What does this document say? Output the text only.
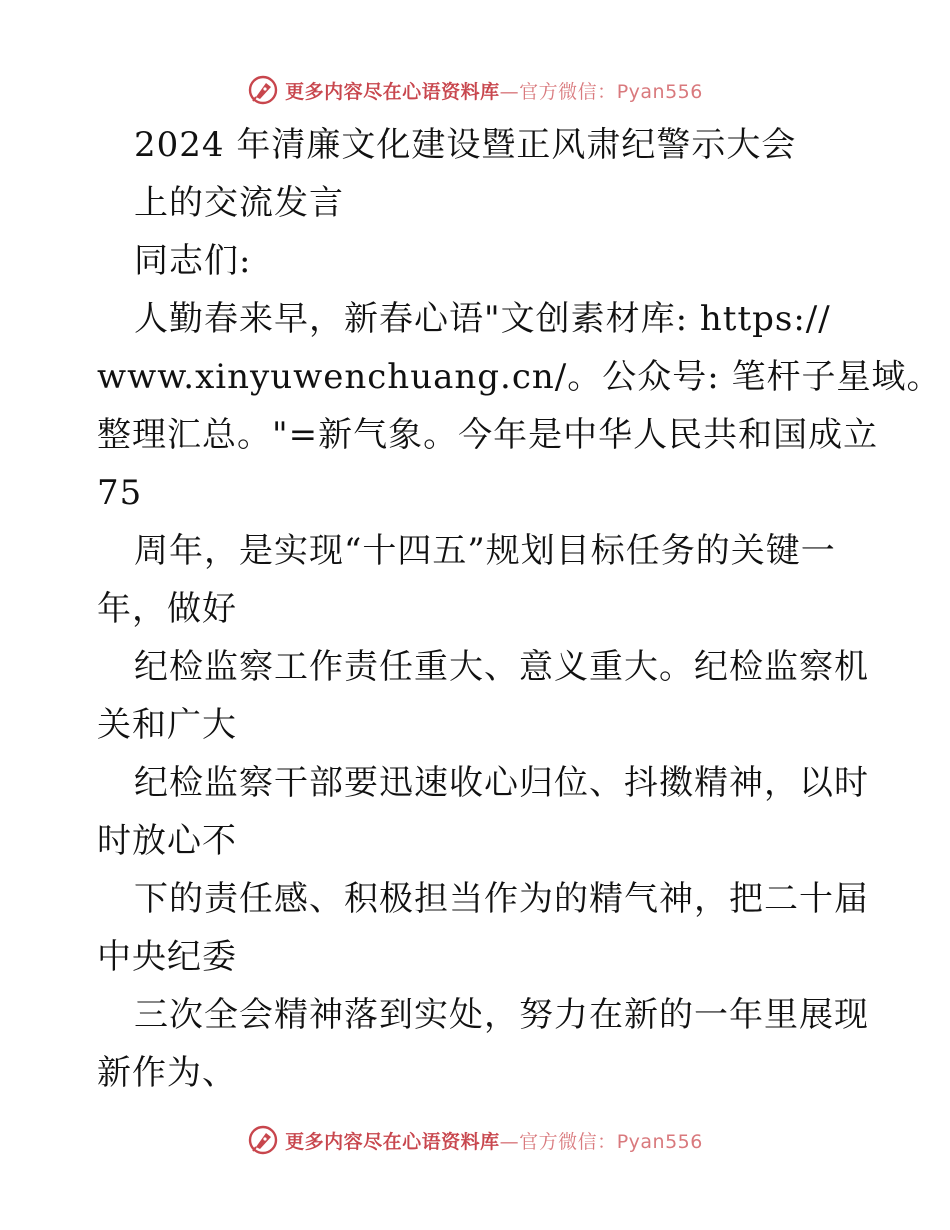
更多内容尽在心语资料库—官方微信：Pyan556
2024 年清廉文化建设暨正风肃纪警示大会
上的交流发言
同志们:
人勤春来早，新春心语"文创素材库: https://
www.xinyuwenchuang.cn/。公众号: 笔杆子星域。
整理汇总。"=新气象。今年是中华人民共和国成立
75
周年，是实现“十四五”规划目标任务的关键一
年，做好
纪检监察工作责任重大、意义重大。纪检监察机
关和广大
纪检监察干部要迅速收心归位、抖擞精神，以时
时放心不
下的责任感、积极担当作为的精气神，把二十届
中央纪委
三次全会精神落到实处，努力在新的一年里展现
新作为、
更多内容尽在心语资料库—官方微信：Pyan556
